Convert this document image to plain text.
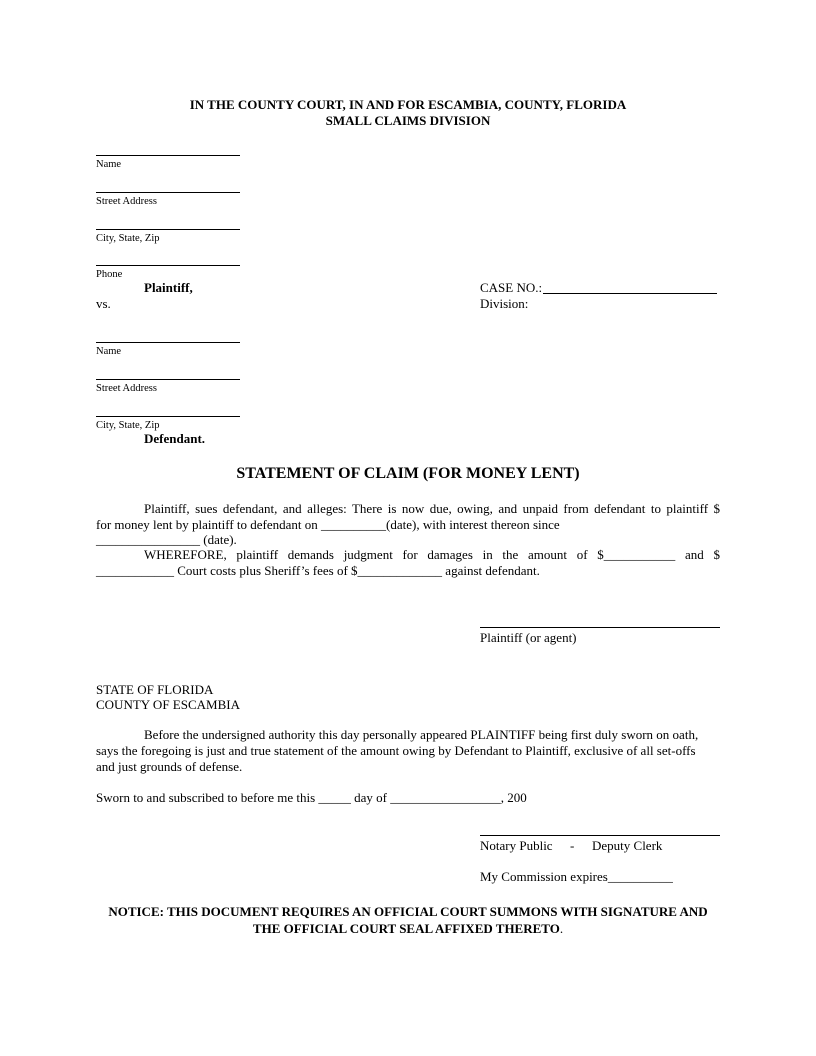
IN THE COUNTY COURT, IN AND FOR ESCAMBIA, COUNTY, FLORIDA
SMALL CLAIMS DIVISION
Name
Street Address
City, State, Zip
Phone
Plaintiff,
vs.
CASE NO.:
Division:
Name
Street Address
City, State, Zip
Defendant.
STATEMENT OF CLAIM (FOR MONEY LENT)
Plaintiff, sues defendant, and alleges: There is now due, owing, and unpaid from defendant to plaintiff $
for money lent by plaintiff to defendant on __________(date), with interest thereon since
________________ (date).
WHEREFORE, plaintiff demands judgment for damages in the amount of $___________ and $
____________ Court costs plus Sheriff’s fees of $_____________ against defendant.
Plaintiff (or agent)
STATE OF FLORIDA
COUNTY OF ESCAMBIA
Before the undersigned authority this day personally appeared PLAINTIFF being first duly sworn on oath,
says the foregoing is just and true statement of the amount owing by Defendant to Plaintiff, exclusive of all set-offs
and just grounds of defense.
Sworn to and subscribed to before me this _____ day of _________________, 200
Notary Public - Deputy Clerk
My Commission expires__________
NOTICE: THIS DOCUMENT REQUIRES AN OFFICIAL COURT SUMMONS WITH SIGNATURE AND
THE OFFICIAL COURT SEAL AFFIXED THERETO.
